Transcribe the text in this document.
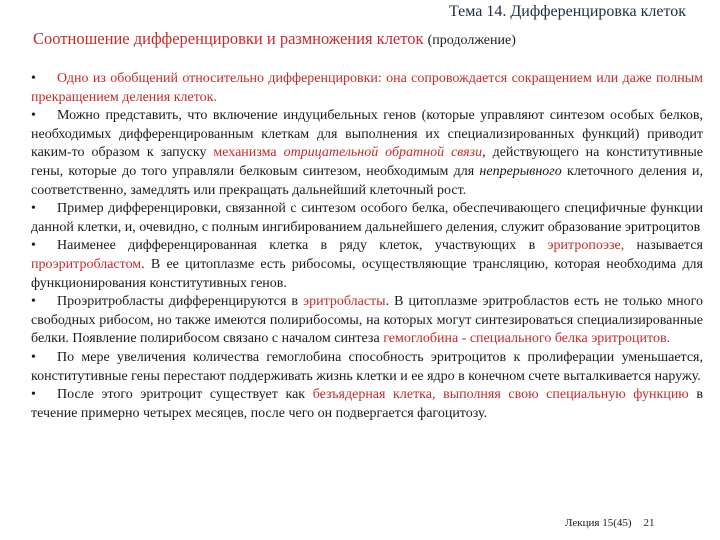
Тема 14. Дифференцировка клеток
Соотношение дифференцировки и размножения клеток (продолжение)

• Одно из обобщений относительно дифференцировки: она сопровождается сокращением или даже полным прекращением деления клеток.

• Можно представить, что включение индуцибельных генов (которые управляют синтезом особых белков, необходимых дифференцированным клеткам для выполнения их специализированных функций) приводит каким-то образом к запуску механизма отрицательной обратной связи, действующего на конститутивные гены, которые до того управляли белковым синтезом, необходимым для непрерывного клеточного деления и, соответственно, замедлять или прекращать дальнейший клеточный рост.

• Пример дифференцировки, связанной с синтезом особого белка, обеспечивающего специфичные функции данной клетки, и, очевидно, с полным ингибированием дальнейшего деления, служит образование эритроцитов

• Наименее дифференцированная клетка в ряду клеток, участвующих в эритропоэзе, называется проэритробластом. В ее цитоплазме есть рибосомы, осуществляющие трансляцию, которая необходима для функционирования конститутивных генов.

• Проэритробласты дифференцируются в эритробласты. В цитоплазме эритробластов есть не только много свободных рибосом, но также имеются полирибосомы, на которых могут синтезироваться специализированные белки. Появление полирибосом связано с началом синтеза гемоглобина - специального белка эритроцитов.

• По мере увеличения количества гемоглобина способность эритроцитов к пролиферации уменьшается, конститутивные гены перестают поддерживать жизнь клетки и ее ядро в конечном счете выталкивается наружу.

• После этого эритроцит существует как безъядерная клетка, выполняя свою специальную функцию в течение примерно четырех месяцев, после чего он подвергается фагоцитозу.

Лекция 15(45) 21
